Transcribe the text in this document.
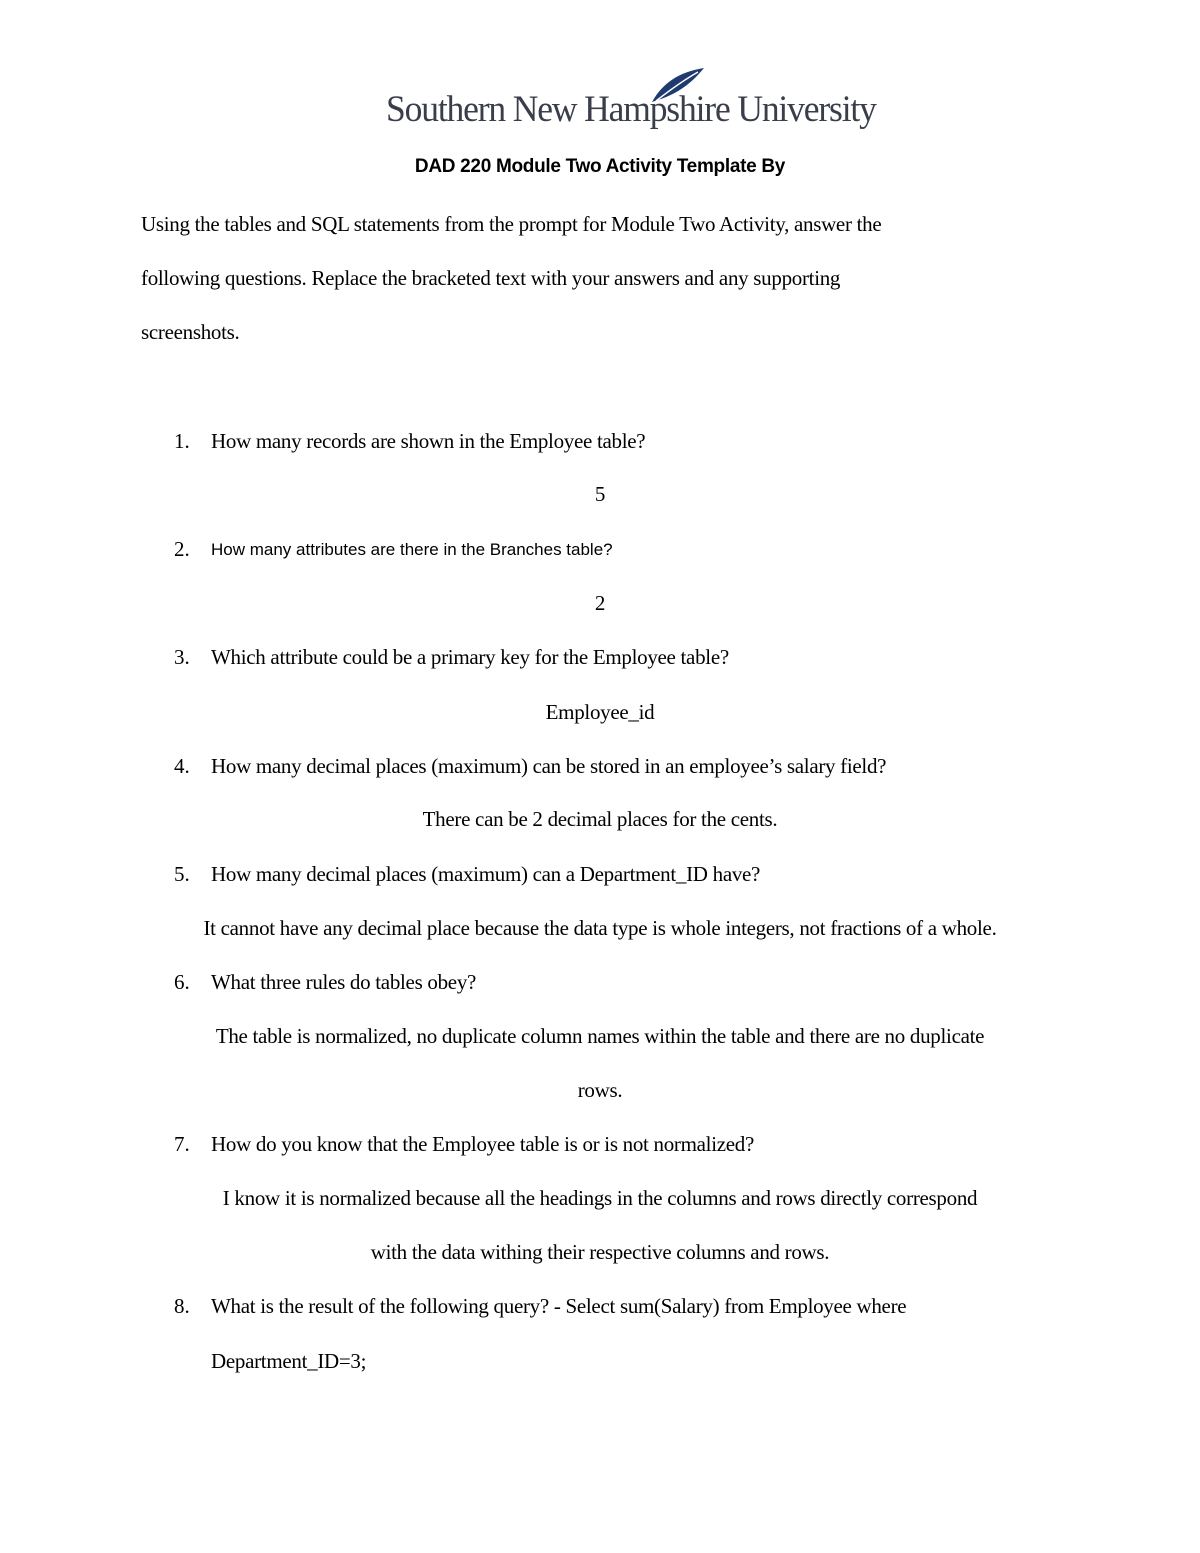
Southern New Hampshire University
DAD 220 Module Two Activity Template By
Using the tables and SQL statements from the prompt for Module Two Activity, answer the
following questions. Replace the bracketed text with your answers and any supporting
screenshots.
1. How many records are shown in the Employee table?
5
2. How many attributes are there in the Branches table?
2
3. Which attribute could be a primary key for the Employee table?
Employee_id
4. How many decimal places (maximum) can be stored in an employee’s salary field?
There can be 2 decimal places for the cents.
5. How many decimal places (maximum) can a Department_ID have?
It cannot have any decimal place because the data type is whole integers, not fractions of a whole.
6. What three rules do tables obey?
The table is normalized, no duplicate column names within the table and there are no duplicate
rows.
7. How do you know that the Employee table is or is not normalized?
I know it is normalized because all the headings in the columns and rows directly correspond
with the data withing their respective columns and rows.
8. What is the result of the following query? - Select sum(Salary) from Employee where
Department_ID=3;
